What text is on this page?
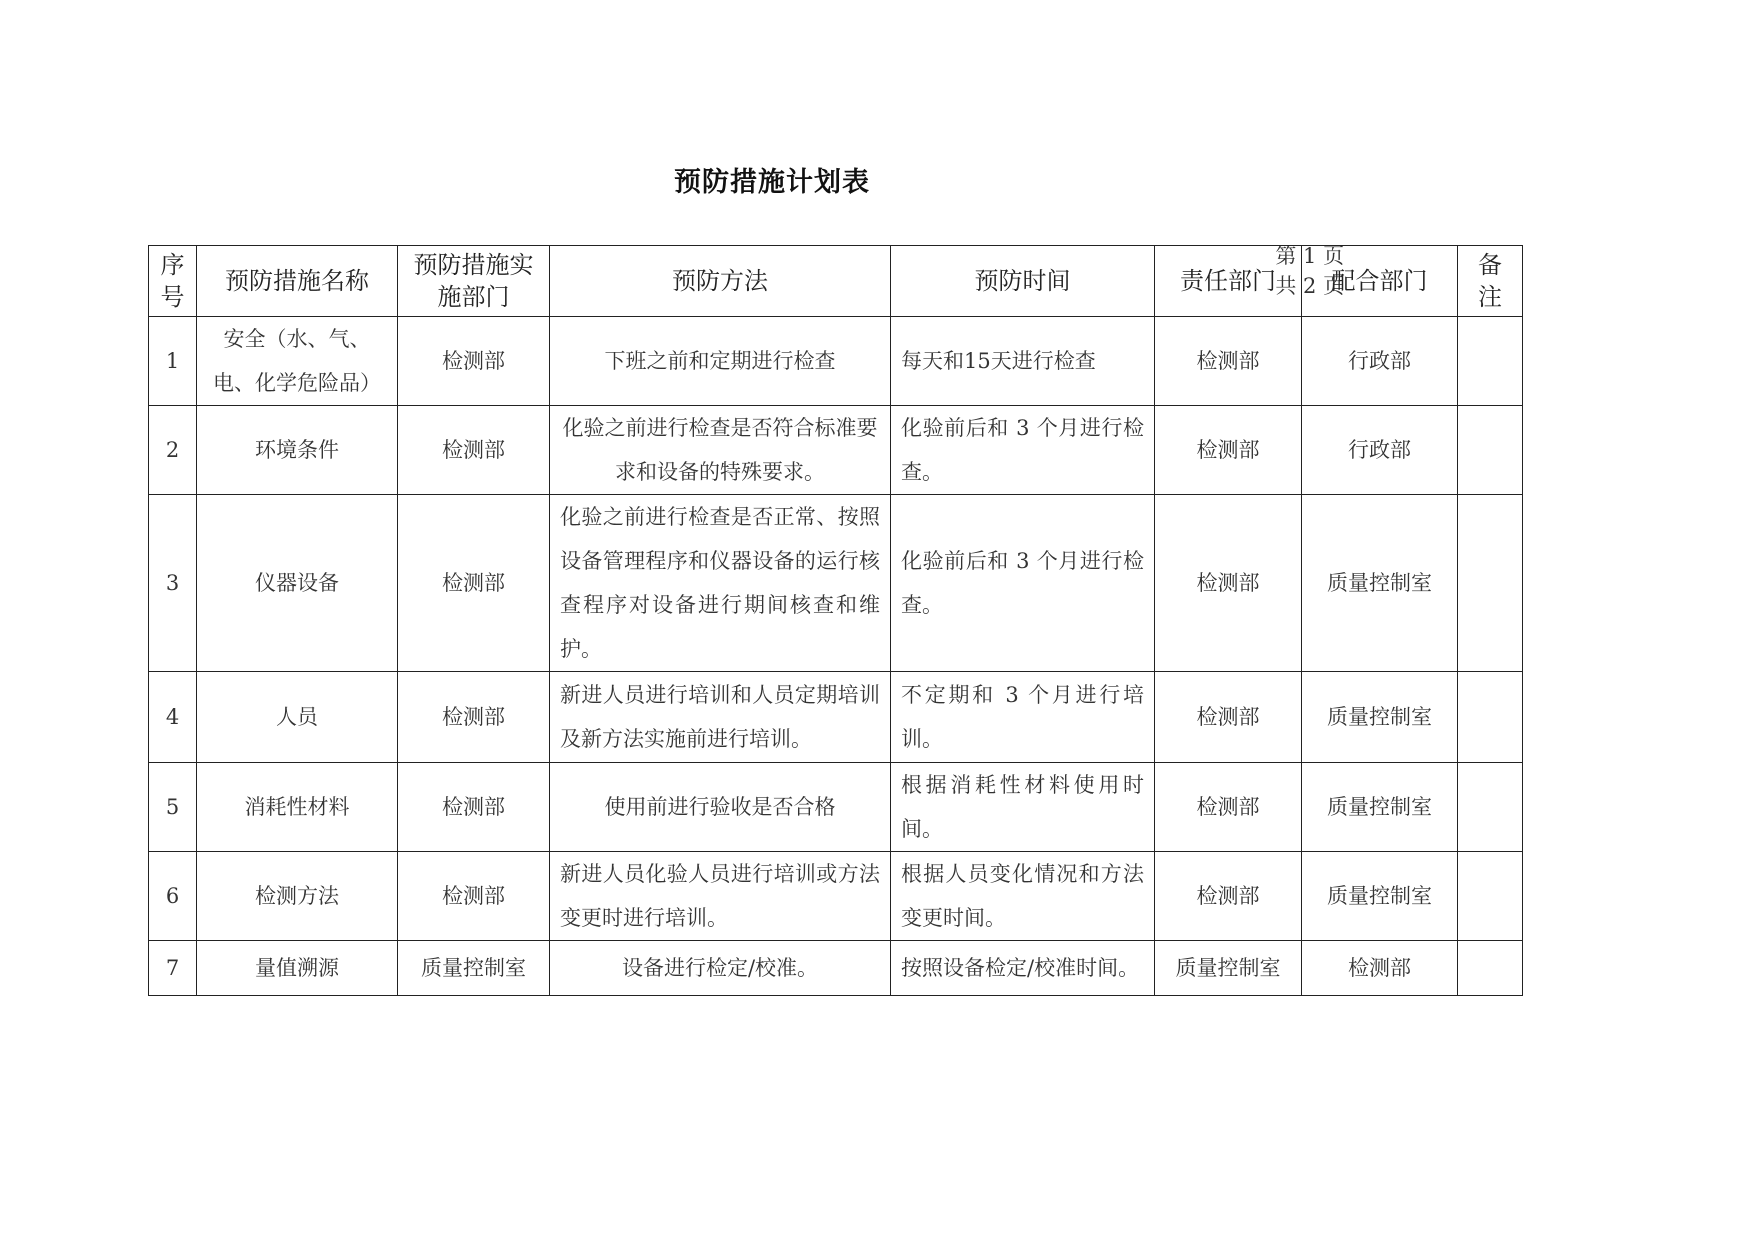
预防措施计划表

第 1 页
共 2 页

序号	预防措施名称	预防措施实施部门	预防方法	预防时间	责任部门	配合部门	备注
1	安全（水、气、电、化学危险品）	检测部	下班之前和定期进行检查	每天和15天进行检查	检测部	行政部	
2	环境条件	检测部	化验之前进行检查是否符合标准要求和设备的特殊要求。	化验前后和 3 个月进行检查。	检测部	行政部	
3	仪器设备	检测部	化验之前进行检查是否正常、按照设备管理程序和仪器设备的运行核查程序对设备进行期间核查和维护。	化验前后和 3 个月进行检查。	检测部	质量控制室	
4	人员	检测部	新进人员进行培训和人员定期培训及新方法实施前进行培训。	不定期和 3 个月进行培训。	检测部	质量控制室	
5	消耗性材料	检测部	使用前进行验收是否合格	根据消耗性材料使用时间。	检测部	质量控制室	
6	检测方法	检测部	新进人员化验人员进行培训或方法变更时进行培训。	根据人员变化情况和方法变更时间。	检测部	质量控制室	
7	量值溯源	质量控制室	设备进行检定/校准。	按照设备检定/校准时间。	质量控制室	检测部	
